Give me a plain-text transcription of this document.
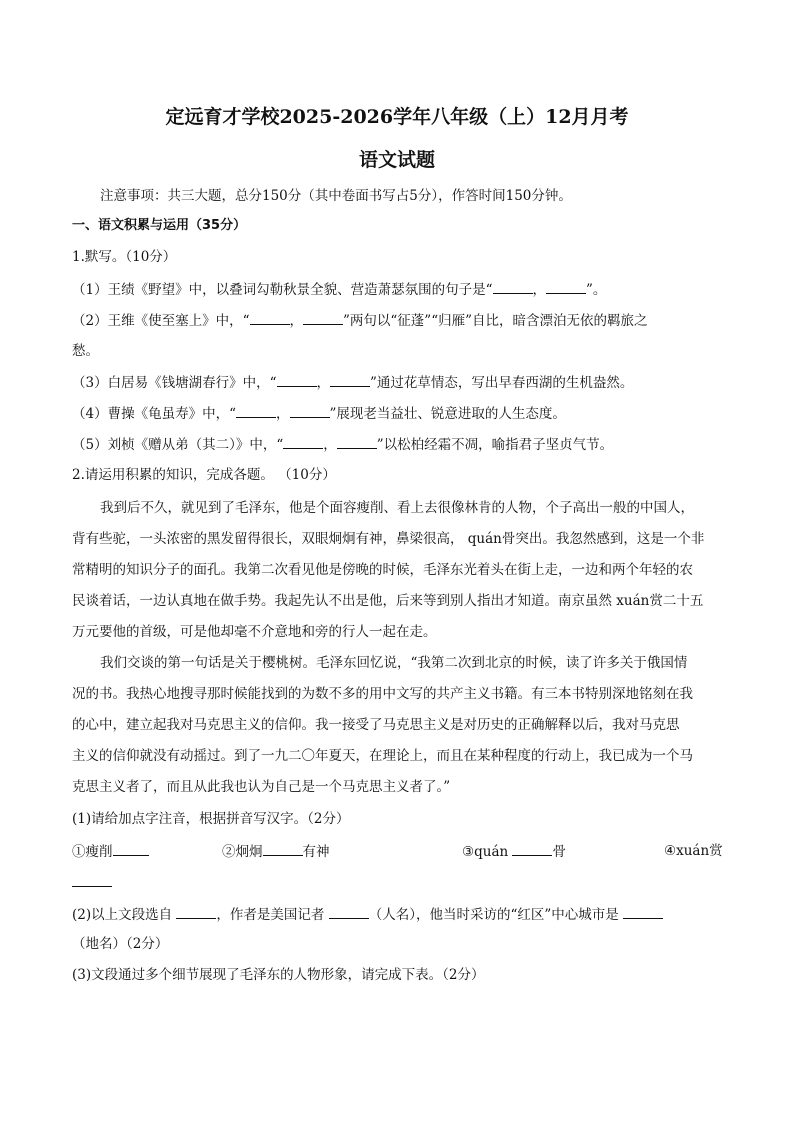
定远育才学校2025-2026学年八年级（上）12月月考
语文试题
注意事项：共三大题，总分150分（其中卷面书写占5分），作答时间150分钟。
一、语文积累与运用（35分）
1.默写。（10分）
（1）王绩《野望》中，以叠词勾勒秋景全貌、营造萧瑟氛围的句子是“	，	”。
（2）王维《使至塞上》中，“	，	”两句以“征蓬”“归雁”自比，暗含漂泊无依的羁旅之
愁。
（3）白居易《钱塘湖春行》中，“	，	”通过花草情态，写出早春西湖的生机盎然。
（4）曹操《龟虽寿》中，“	，	”展现老当益壮、锐意进取的人生态度。
（5）刘桢《赠从弟（其二）》中，“	，	”以松柏经霜不凋，喻指君子坚贞气节。
2.请运用积累的知识，完成各题。 （10分）
我到后不久，就见到了毛泽东，他是个面容瘦削、看上去很像林肯的人物，个子高出一般的中国人，
背有些驼，一头浓密的黑发留得很长，双眼炯炯有神，鼻梁很高， quán骨突出。我忽然感到，这是一个非
常精明的知识分子的面孔。我第二次看见他是傍晚的时候，毛泽东光着头在街上走，一边和两个年轻的农
民谈着话，一边认真地在做手势。我起先认不出是他，后来等到别人指出才知道。南京虽然 xuán赏二十五
万元要他的首级，可是他却毫不介意地和旁的行人一起在走。
我们交谈的第一句话是关于樱桃树。毛泽东回忆说，“我第二次到北京的时候，读了许多关于俄国情
况的书。我热心地搜寻那时候能找到的为数不多的用中文写的共产主义书籍。有三本书特别深地铭刻在我
的心中，建立起我对马克思主义的信仰。我一接受了马克思主义是对历史的正确解释以后，我对马克思
主义的信仰就没有动摇过。到了一九二〇年夏天，在理论上，而且在某种程度的行动上，我已成为一个马
克思主义者了，而且从此我也认为自己是一个马克思主义者了。”
(1)请给加点字注音，根据拼音写汉字。（2分）
①瘦削	②炯炯	有神	③quán	骨	④xuán赏
(2)以上文段选自	，作者是美国记者	（人名），他当时采访的“红区”中心城市是
（地名）（2分）
(3)文段通过多个细节展现了毛泽东的人物形象，请完成下表。（2分）
